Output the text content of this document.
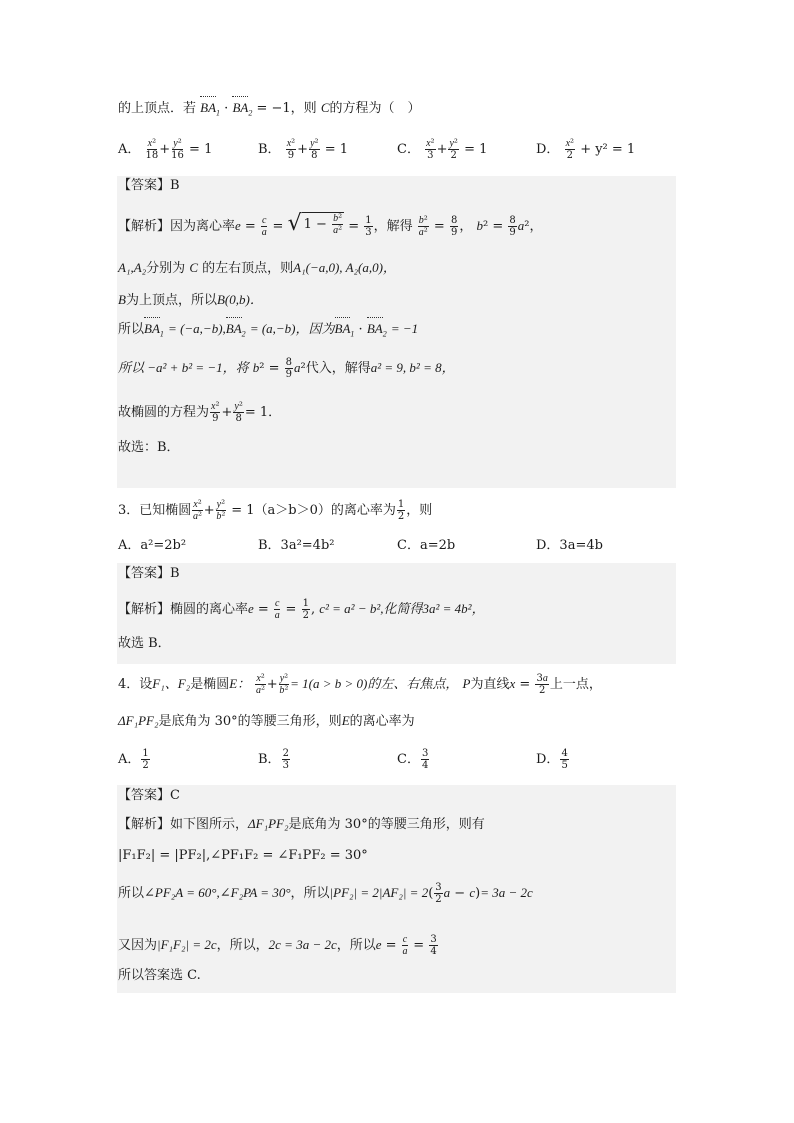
的上顶点．若 $BA_1 \cdot BA_2 = -1$，则 C的方程为（　）
A． $\frac{\text{x²}}{18} + \frac{\text{y²}}{16} = 1$	B． $\frac{\text{x²}}{9} + \frac{\text{y²}}{8} = 1$	C． $\frac{\text{x²}}{3} + \frac{\text{y²}}{2} = 1$	D． $\frac{\text{x²}}{2} + y^2 = 1$
【答案】B
【解析】因为离心率$e = \frac{c}{a}$ = √ $1 - \frac{\text{b²}}{\text{a²}} = \frac{1}{3}$ ，解得 $\frac{\text{b²}}{\text{a²}} = \frac{8}{9}$ ， $b^2 = \frac{8}{9} a^2$，
A₁,A₂分别为 C 的左右顶点，则A₁(−a,0), A₂(a,0)，
B为上顶点，所以B(0,b)．
所以$BA_1 = (-a,-b),BA_2 = (a,-b)$，因为$BA_1 \cdot BA_2 = -1$
所以 −a² + b² = −1，将 $b^2 = \frac{8}{9} a^2$代入，解得a² = 9, b² = 8，
故椭圆的方程为 $\frac{\text{x²}}{9} + \frac{\text{y²}}{8} = 1$．
故选：B．
3．已知椭圆 $\frac{\text{x²}}{\text{a²}} + \frac{\text{y²}}{\text{b²}} = 1(a>b>0)$的离心率为 $\frac{1}{2}$ ，则
A．a²=2b²	B．3a²=4b²	C．a=2b	D．3a=4b
【答案】B
【解析】椭圆的离心率$e = \frac{c}{a} = \frac{1}{2}$ , c² = a² − b²,化简得3a² = 4b²，
故选 B．
4．设F₁、F₂是椭圆E： $\frac{\text{x²}}{\text{a²}} + \frac{\text{y²}}{\text{b²}} = 1(a > b > 0)$的左、右焦点， P为直线$x = \frac{3a}{2}$ 上一点，
ΔF₁PF₂是底角为 30°的等腰三角形，则E的离心率为
A． $\frac{1}{2}$	B． $\frac{2}{3}$	C． $\frac{3}{4}$	D． $\frac{4}{5}$
【答案】C
【解析】如下图所示，ΔF₁PF₂是底角为 30°的等腰三角形，则有
|F₁F₂| = |PF₂|,∠PF₁F₂ = ∠F₁PF₂ = 30°
所以∠PF₂A = 60°,∠F₂PA = 30°，所以$|PF_2| = 2|AF_2| = 2( \frac{3}{2}$ a − c)= 3a − 2c
又因为|F₁F₂| = 2c，所以，2c = 3a − 2c，所以$e = \frac{c}{a} = \frac{3}{4}$
所以答案选 C.
